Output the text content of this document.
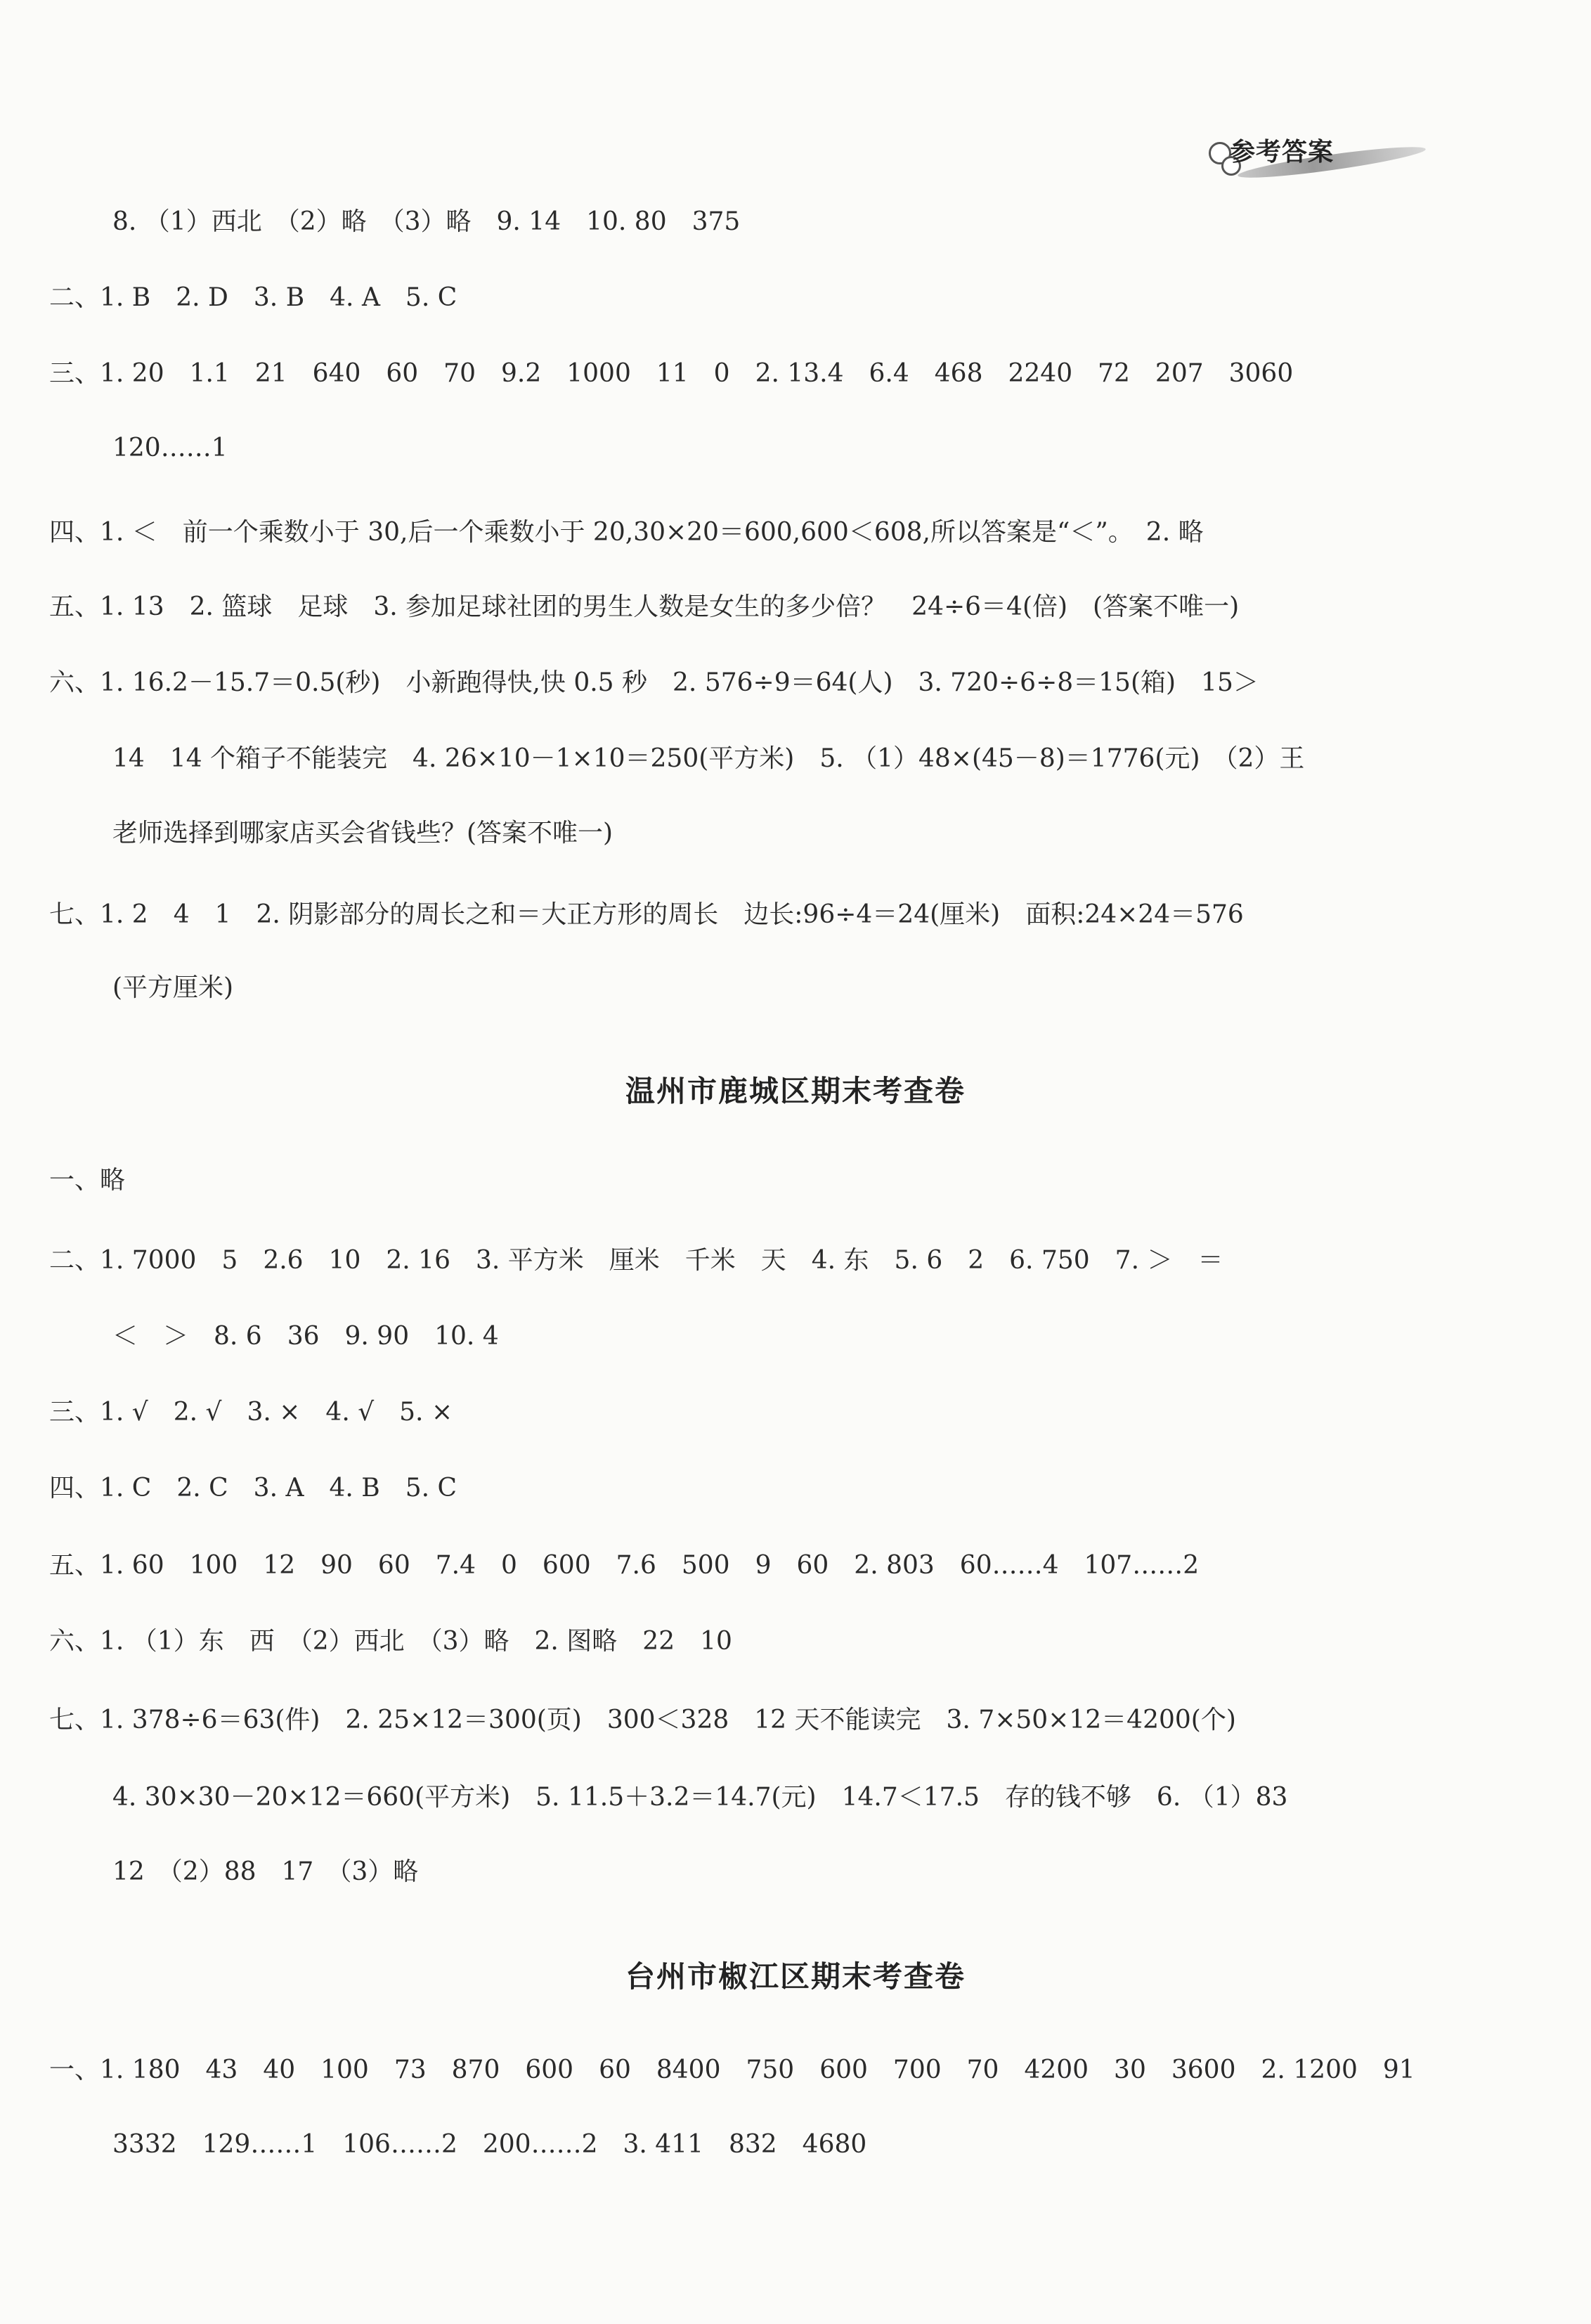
参考答案
8. （1）西北　（2）略　（3）略　9. 14　10. 80　375
二、1. B　2. D　3. B　4. A　5. C
三、1. 20　1.1　21　640　60　70　9.2　1000　11　0　2. 13.4　6.4　468　2240　72　207　3060
120……1
四、1. ＜　前一个乘数小于 30,后一个乘数小于 20,30×20＝600,600＜608,所以答案是“＜”。　2. 略
五、1. 13　2. 篮球　足球　3. 参加足球社团的男生人数是女生的多少倍？　24÷6＝4(倍)　(答案不唯一)
六、1. 16.2－15.7＝0.5(秒)　小新跑得快,快 0.5 秒　2. 576÷9＝64(人)　3. 720÷6÷8＝15(箱)　15＞
14　14 个箱子不能装完　4. 26×10－1×10＝250(平方米)　5. （1）48×(45－8)＝1776(元)　（2）王
老师选择到哪家店买会省钱些？(答案不唯一)
七、1. 2　4　1　2. 阴影部分的周长之和＝大正方形的周长　边长:96÷4＝24(厘米)　面积:24×24＝576
(平方厘米)
温州市鹿城区期末考查卷
一、略
二、1. 7000　5　2.6　10　2. 16　3. 平方米　厘米　千米　天　4. 东　5. 6　2　6. 750　7. ＞　＝
＜　＞　8. 6　36　9. 90　10. 4
三、1. √　2. √　3. ×　4. √　5. ×
四、1. C　2. C　3. A　4. B　5. C
五、1. 60　100　12　90　60　7.4　0　600　7.6　500　9　60　2. 803　60……4　107……2
六、1. （1）东　西　（2）西北　（3）略　2. 图略　22　10
七、1. 378÷6＝63(件)　2. 25×12＝300(页)　300＜328　12 天不能读完　3. 7×50×12＝4200(个)
4. 30×30－20×12＝660(平方米)　5. 11.5＋3.2＝14.7(元)　14.7＜17.5　存的钱不够　6. （1）83
12　（2）88　17　（3）略
台州市椒江区期末考查卷
一、1. 180　43　40　100　73　870　600　60　8400　750　600　700　70　4200　30　3600　2. 1200　91
3332　129……1　106……2　200……2　3. 411　832　4680
